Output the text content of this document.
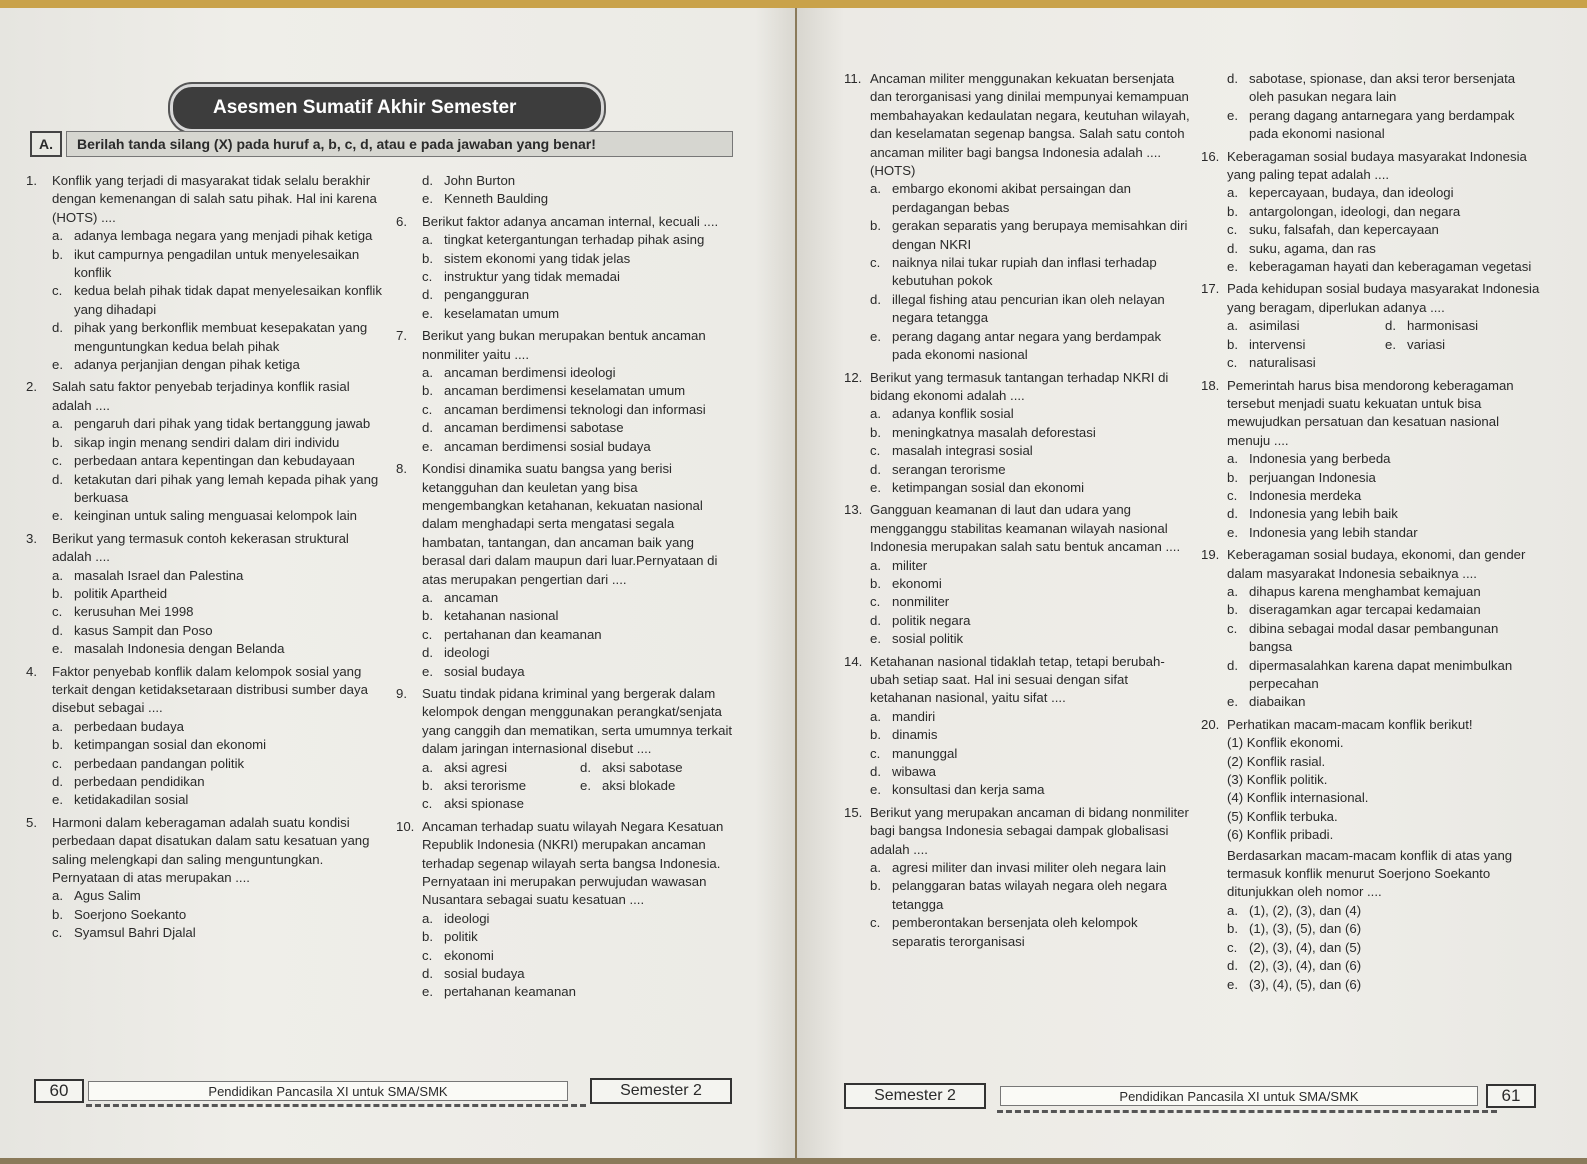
Asesmen Sumatif Akhir Semester
A.	Berilah tanda silang (X) pada huruf a, b, c, d, atau e pada jawaban yang benar!
1.	Konflik yang terjadi di masyarakat tidak selalu berakhir dengan kemenangan di salah satu pihak. Hal ini karena (HOTS) ....
a. adanya lembaga negara yang menjadi pihak ketiga
b. ikut campurnya pengadilan untuk menyelesaikan konflik
c. kedua belah pihak tidak dapat menyelesaikan konflik yang dihadapi
d. pihak yang berkonflik membuat kesepakatan yang menguntungkan kedua belah pihak
e. adanya perjanjian dengan pihak ketiga
2.	Salah satu faktor penyebab terjadinya konflik rasial adalah ....
a. pengaruh dari pihak yang tidak bertanggung jawab
b. sikap ingin menang sendiri dalam diri individu
c. perbedaan antara kepentingan dan kebudayaan
d. ketakutan dari pihak yang lemah kepada pihak yang berkuasa
e. keinginan untuk saling menguasai kelompok lain
3.	Berikut yang termasuk contoh kekerasan struktural adalah ....
a. masalah Israel dan Palestina
b. politik Apartheid
c. kerusuhan Mei 1998
d. kasus Sampit dan Poso
e. masalah Indonesia dengan Belanda
4.	Faktor penyebab konflik dalam kelompok sosial yang terkait dengan ketidaksetaraan distribusi sumber daya disebut sebagai ....
a. perbedaan budaya
b. ketimpangan sosial dan ekonomi
c. perbedaan pandangan politik
d. perbedaan pendidikan
e. ketidakadilan sosial
5.	Harmoni dalam keberagaman adalah suatu kondisi perbedaan dapat disatukan dalam satu kesatuan yang saling melengkapi dan saling menguntungkan. Pernyataan di atas merupakan ....
a. Agus Salim
b. Soerjono Soekanto
c. Syamsul Bahri Djalal
d. John Burton
e. Kenneth Baulding
6.	Berikut faktor adanya ancaman internal, kecuali ....
a. tingkat ketergantungan terhadap pihak asing
b. sistem ekonomi yang tidak jelas
c. instruktur yang tidak memadai
d. pengangguran
e. keselamatan umum
7.	Berikut yang bukan merupakan bentuk ancaman nonmiliter yaitu ....
a. ancaman berdimensi ideologi
b. ancaman berdimensi keselamatan umum
c. ancaman berdimensi teknologi dan informasi
d. ancaman berdimensi sabotase
e. ancaman berdimensi sosial budaya
8.	Kondisi dinamika suatu bangsa yang berisi ketangguhan dan keuletan yang bisa mengembangkan ketahanan, kekuatan nasional dalam menghadapi serta mengatasi segala hambatan, tantangan, dan ancaman baik yang berasal dari dalam maupun dari luar.Pernyataan di atas merupakan pengertian dari ....
a. ancaman
b. ketahanan nasional
c. pertahanan dan keamanan
d. ideologi
e. sosial budaya
9.	Suatu tindak pidana kriminal yang bergerak dalam kelompok dengan menggunakan perangkat/senjata yang canggih dan mematikan, serta umumnya terkait dalam jaringan internasional disebut ....
a. aksi agresi	d. aksi sabotase
b. aksi terorisme	e. aksi blokade
c. aksi spionase
10. Ancaman terhadap suatu wilayah Negara Kesatuan Republik Indonesia (NKRI) merupakan ancaman terhadap segenap wilayah serta bangsa Indonesia. Pernyataan ini merupakan perwujudan wawasan Nusantara sebagai suatu kesatuan ....
a. ideologi
b. politik
c. ekonomi
d. sosial budaya
e. pertahanan keamanan
60	Pendidikan Pancasila XI untuk SMA/SMK	Semester 2
11. Ancaman militer menggunakan kekuatan bersenjata dan terorganisasi yang dinilai mempunyai kemampuan membahayakan kedaulatan negara, keutuhan wilayah, dan keselamatan segenap bangsa. Salah satu contoh ancaman militer bagi bangsa Indonesia adalah .... (HOTS)
a. embargo ekonomi akibat persaingan dan perdagangan bebas
b. gerakan separatis yang berupaya memisahkan diri dengan NKRI
c. naiknya nilai tukar rupiah dan inflasi terhadap kebutuhan pokok
d. illegal fishing atau pencurian ikan oleh nelayan negara tetangga
e. perang dagang antar negara yang berdampak pada ekonomi nasional
12. Berikut yang termasuk tantangan terhadap NKRI di bidang ekonomi adalah ....
a. adanya konflik sosial
b. meningkatnya masalah deforestasi
c. masalah integrasi sosial
d. serangan terorisme
e. ketimpangan sosial dan ekonomi
13. Gangguan keamanan di laut dan udara yang mengganggu stabilitas keamanan wilayah nasional Indonesia merupakan salah satu bentuk ancaman ....
a. militer
b. ekonomi
c. nonmiliter
d. politik negara
e. sosial politik
14. Ketahanan nasional tidaklah tetap, tetapi berubah-ubah setiap saat. Hal ini sesuai dengan sifat ketahanan nasional, yaitu sifat ....
a. mandiri
b. dinamis
c. manunggal
d. wibawa
e. konsultasi dan kerja sama
15. Berikut yang merupakan ancaman di bidang nonmiliter bagi bangsa Indonesia sebagai dampak globalisasi adalah ....
a. agresi militer dan invasi militer oleh negara lain
b. pelanggaran batas wilayah negara oleh negara tetangga
c. pemberontakan bersenjata oleh kelompok separatis terorganisasi
d. sabotase, spionase, dan aksi teror bersenjata oleh pasukan negara lain
e. perang dagang antarnegara yang berdampak pada ekonomi nasional
16. Keberagaman sosial budaya masyarakat Indonesia yang paling tepat adalah ....
a. kepercayaan, budaya, dan ideologi
b. antargolongan, ideologi, dan negara
c. suku, falsafah, dan kepercayaan
d. suku, agama, dan ras
e. keberagaman hayati dan keberagaman vegetasi
17. Pada kehidupan sosial budaya masyarakat Indonesia yang beragam, diperlukan adanya ....
a. asimilasi	d. harmonisasi
b. intervensi	e. variasi
c. naturalisasi
18. Pemerintah harus bisa mendorong keberagaman tersebut menjadi suatu kekuatan untuk bisa mewujudkan persatuan dan kesatuan nasional menuju ....
a. Indonesia yang berbeda
b. perjuangan Indonesia
c. Indonesia merdeka
d. Indonesia yang lebih baik
e. Indonesia yang lebih standar
19. Keberagaman sosial budaya, ekonomi, dan gender dalam masyarakat Indonesia sebaiknya ....
a. dihapus karena menghambat kemajuan
b. diseragamkan agar tercapai kedamaian
c. dibina sebagai modal dasar pembangunan bangsa
d. dipermasalahkan karena dapat menimbulkan perpecahan
e. diabaikan
20. Perhatikan macam-macam konflik berikut!
(1) Konflik ekonomi.
(2) Konflik rasial.
(3) Konflik politik.
(4) Konflik internasional.
(5) Konflik terbuka.
(6) Konflik pribadi.
Berdasarkan macam-macam konflik di atas yang termasuk konflik menurut Soerjono Soekanto ditunjukkan oleh nomor ....
a. (1), (2), (3), dan (4)
b. (1), (3), (5), dan (6)
c. (2), (3), (4), dan (5)
d. (2), (3), (4), dan (6)
e. (3), (4), (5), dan (6)
Semester 2	Pendidikan Pancasila XI untuk SMA/SMK	61
